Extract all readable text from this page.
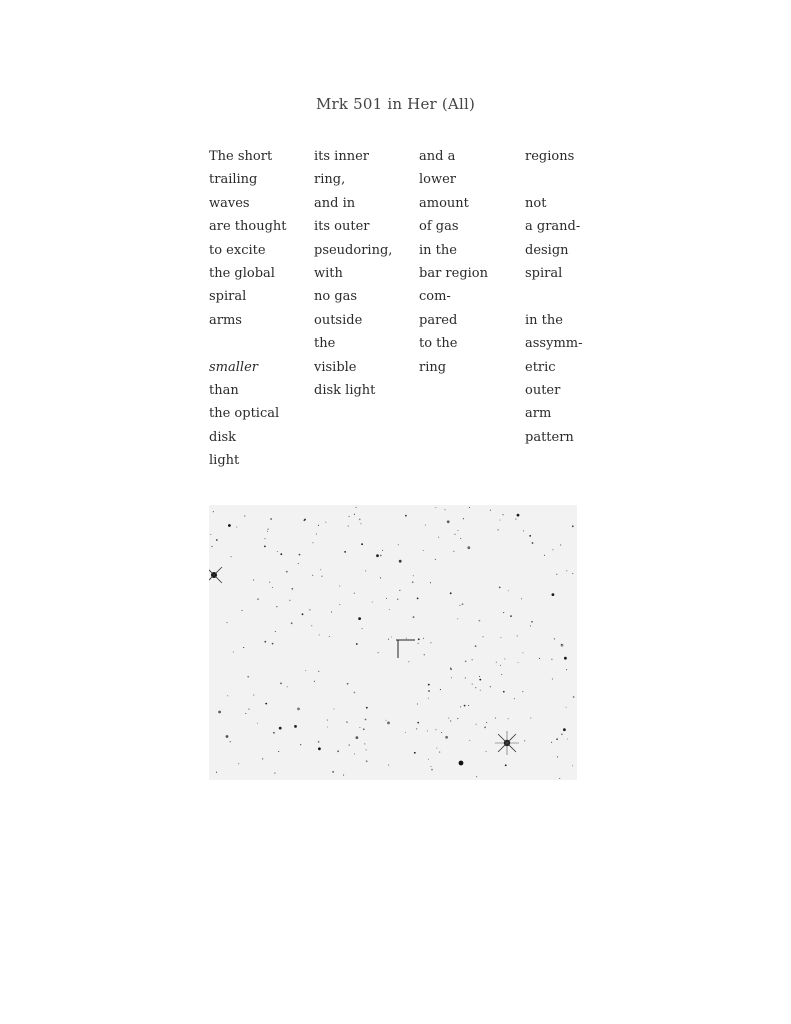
Mrk 501 in Her (All)
The short
trailing
waves
are thought
to excite
the global
spiral
arms
smaller
than
the optical
disk
light
its inner
ring,
and in
its outer
pseudoring,
with
no gas
outside
the
visible
disk light
and a
lower
amount
of gas
in the
bar region
com-
pared
to the
ring
regions
not
a grand-
design
spiral
in the
assymm-
etric
outer
arm
pattern
